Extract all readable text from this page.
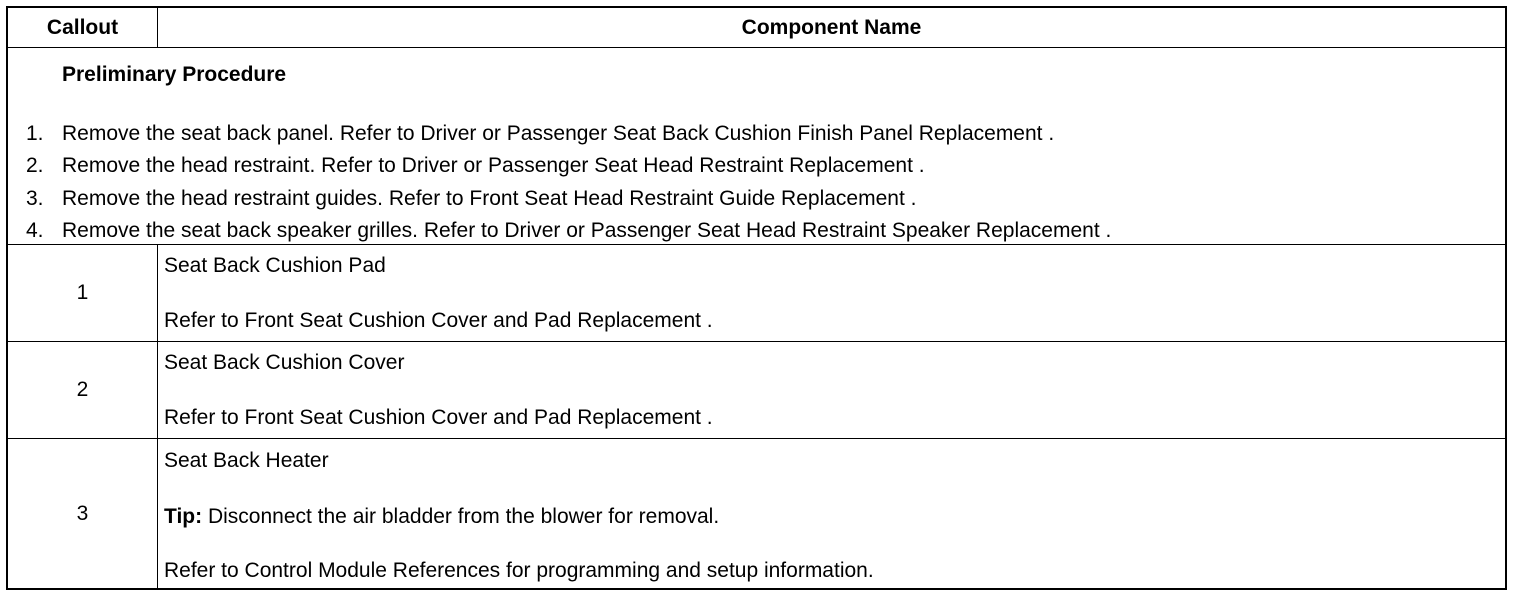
Callout	Component Name
Preliminary Procedure
1. Remove the seat back panel. Refer to Driver or Passenger Seat Back Cushion Finish Panel Replacement .
2. Remove the head restraint. Refer to Driver or Passenger Seat Head Restraint Replacement .
3. Remove the head restraint guides. Refer to Front Seat Head Restraint Guide Replacement .
4. Remove the seat back speaker grilles. Refer to Driver or Passenger Seat Head Restraint Speaker Replacement .
1
Seat Back Cushion Pad
Refer to Front Seat Cushion Cover and Pad Replacement .
2
Seat Back Cushion Cover
Refer to Front Seat Cushion Cover and Pad Replacement .
3
Seat Back Heater
Tip: Disconnect the air bladder from the blower for removal.
Refer to Control Module References for programming and setup information.
